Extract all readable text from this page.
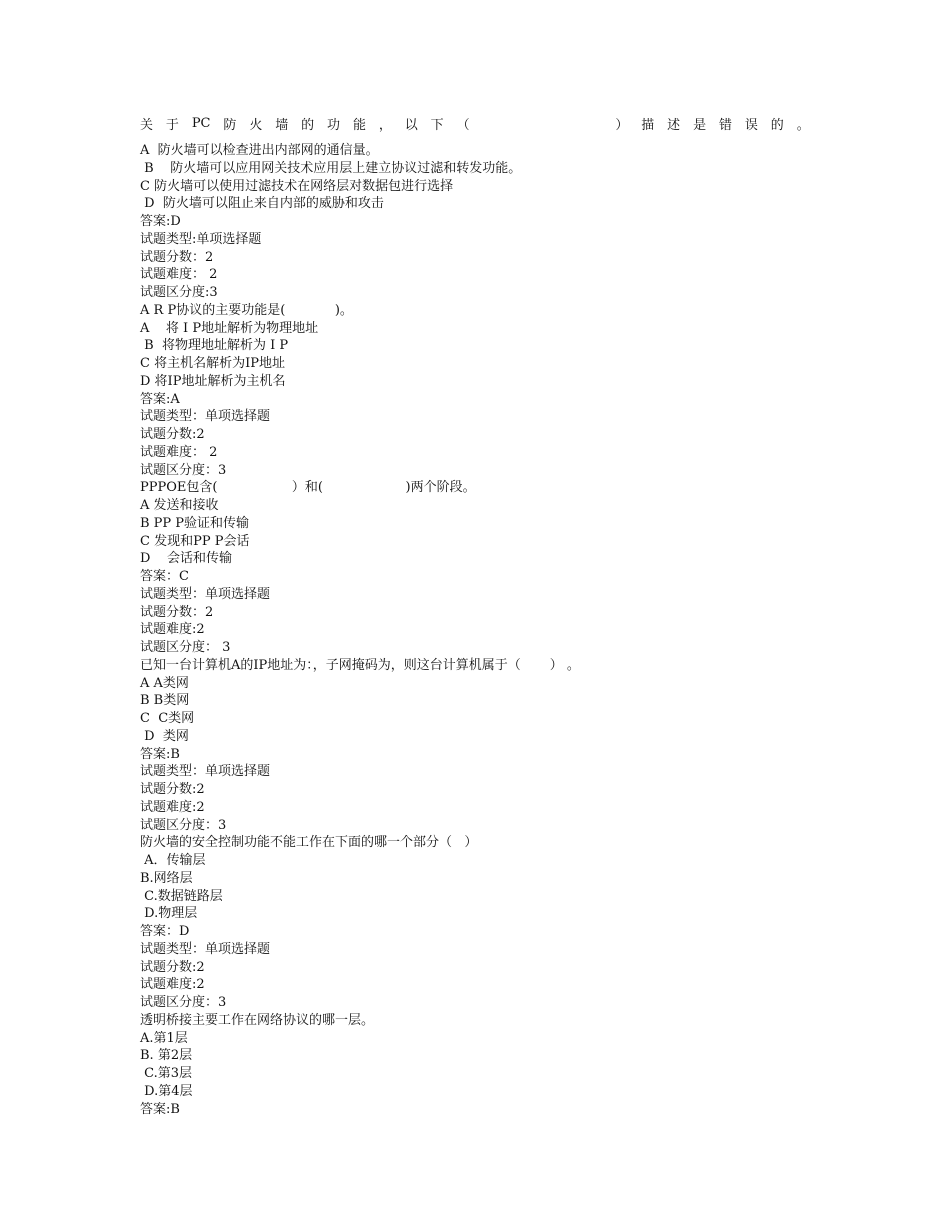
关 于 PC 防 火 墙 的 功 能 ， 以 下 （	） 描 述 是 错 误 的 。
A  防火墙可以检查进出内部网的通信量。
B    防火墙可以应用网关技术应用层上建立协议过滤和转发功能。
C 防火墙可以使用过滤技术在网络层对数据包进行选择
D  防火墙可以阻止来自内部的威胁和攻击
答案:D
试题类型:单项选择题
试题分数：2
试题难度： 2
试题区分度:3
A R P协议的主要功能是(            )。
A    将 I P地址解析为物理地址
B  将物理地址解析为 I P
C 将主机名解析为IP地址
D 将IP地址解析为主机名
答案:A
试题类型：单项选择题
试题分数:2
试题难度： 2
试题区分度：3
PPPOE包含(                  ）和(                    )两个阶段。
A 发送和接收
B PP P验证和传输
C 发现和PP P会话
D    会话和传输
答案：C
试题类型：单项选择题
试题分数：2
试题难度:2
试题区分度： 3
已知一台计算机A的IP地址为：，子网掩码为，则这台计算机属于（       ） 。
A A类网
B B类网
C  C类网
D  类网
答案:B
试题类型：单项选择题
试题分数:2
试题难度:2
试题区分度：3
防火墙的安全控制功能不能工作在下面的哪一个部分（   ）
A．传输层
B.网络层
C.数据链路层
D.物理层
答案：D
试题类型：单项选择题
试题分数:2
试题难度:2
试题区分度：3
透明桥接主要工作在网络协议的哪一层。
A.第1层
B. 第2层
C.第3层
D.第4层
答案:B
